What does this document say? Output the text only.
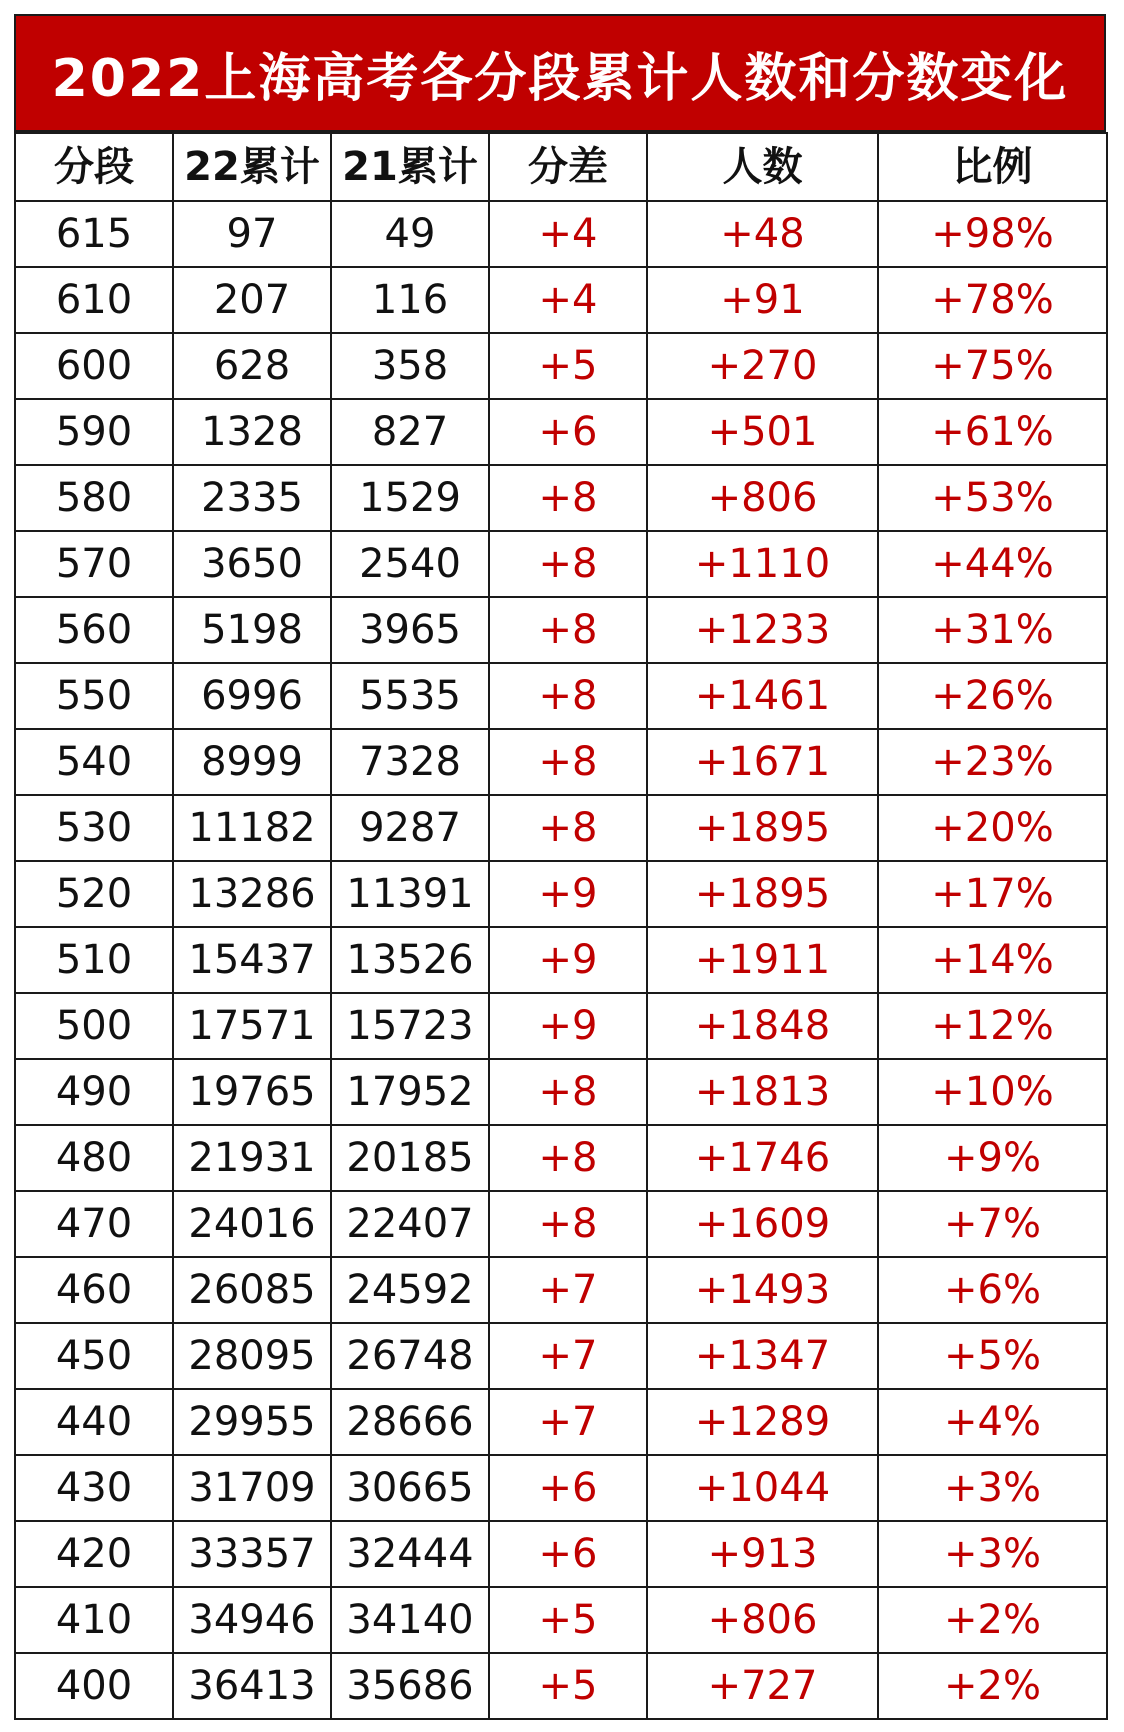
2022上海高考各分段累计人数和分数变化
分段	22累计	21累计	分差	人数	比例
615	97	49	+4	+48	+98%
610	207	116	+4	+91	+78%
600	628	358	+5	+270	+75%
590	1328	827	+6	+501	+61%
580	2335	1529	+8	+806	+53%
570	3650	2540	+8	+1110	+44%
560	5198	3965	+8	+1233	+31%
550	6996	5535	+8	+1461	+26%
540	8999	7328	+8	+1671	+23%
530	11182	9287	+8	+1895	+20%
520	13286	11391	+9	+1895	+17%
510	15437	13526	+9	+1911	+14%
500	17571	15723	+9	+1848	+12%
490	19765	17952	+8	+1813	+10%
480	21931	20185	+8	+1746	+9%
470	24016	22407	+8	+1609	+7%
460	26085	24592	+7	+1493	+6%
450	28095	26748	+7	+1347	+5%
440	29955	28666	+7	+1289	+4%
430	31709	30665	+6	+1044	+3%
420	33357	32444	+6	+913	+3%
410	34946	34140	+5	+806	+2%
400	36413	35686	+5	+727	+2%
